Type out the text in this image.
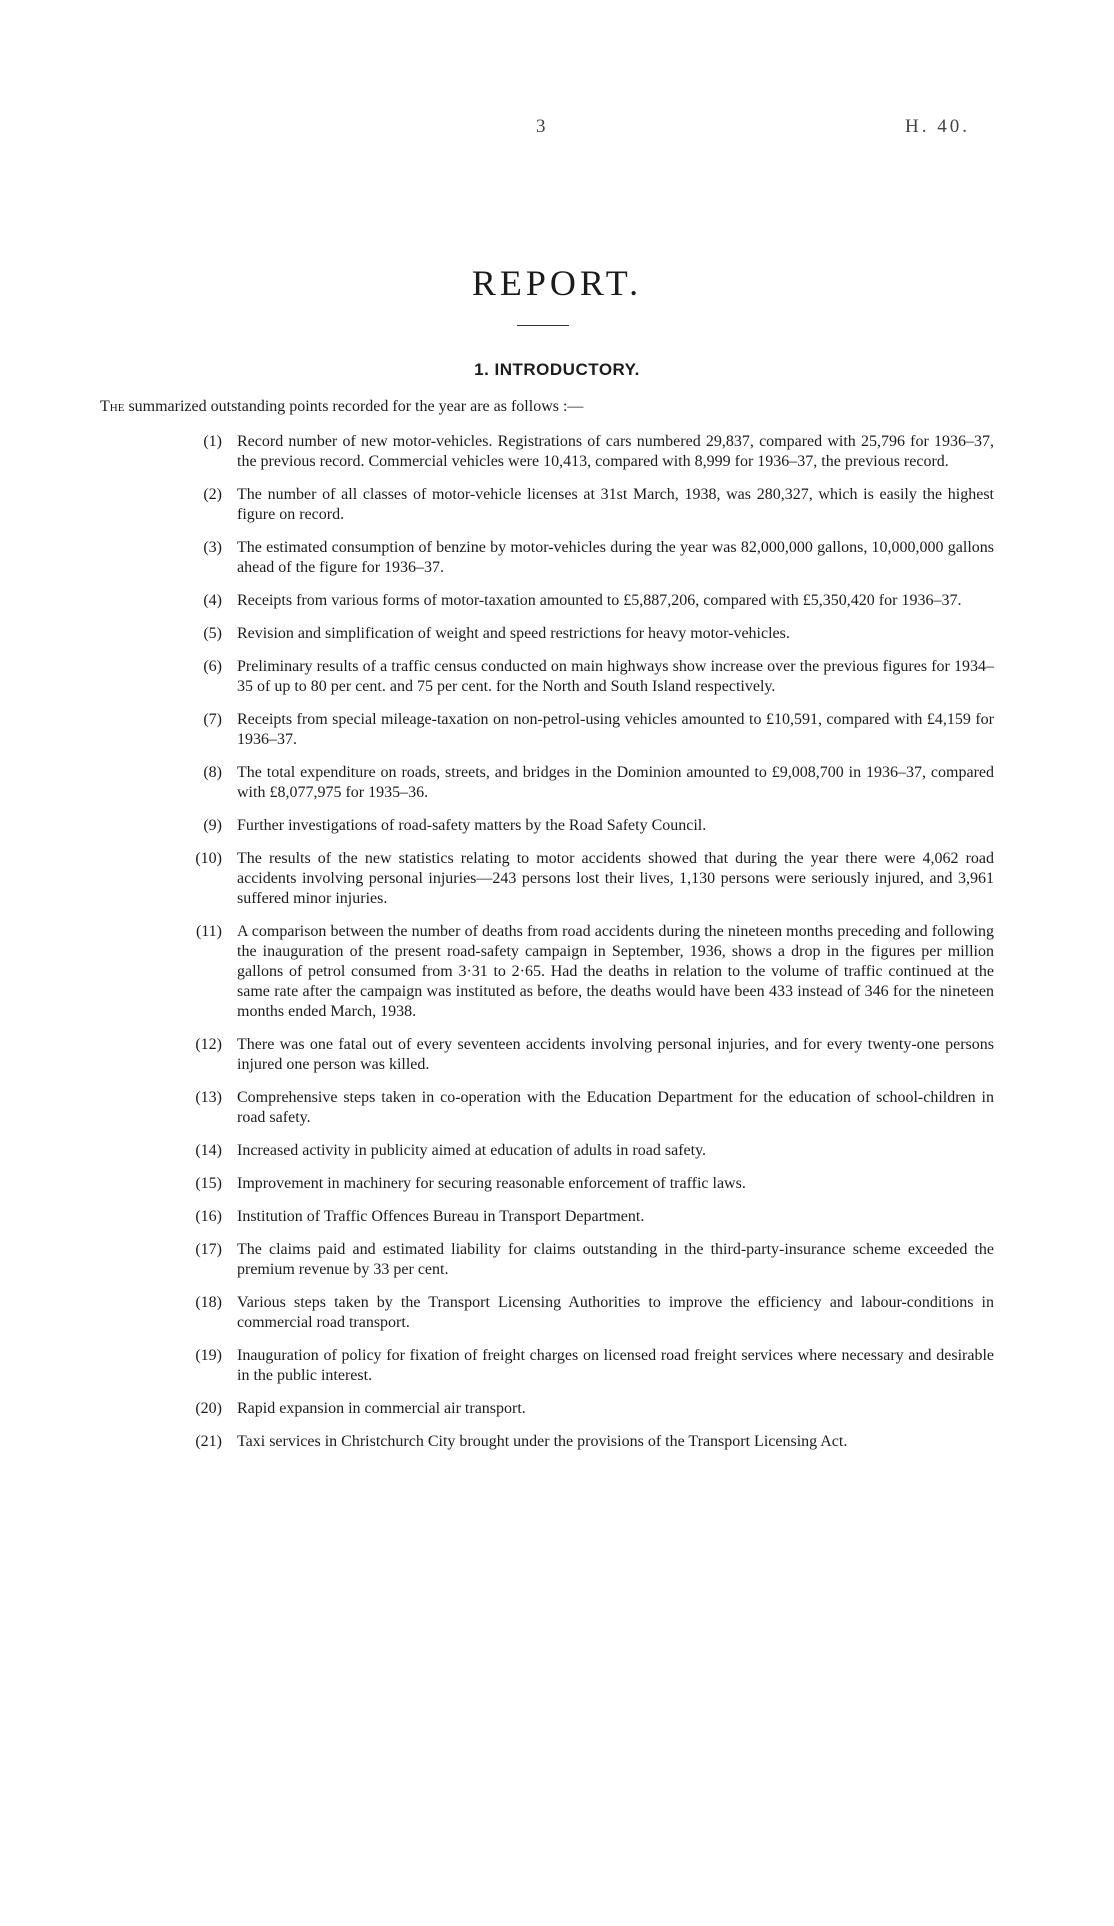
3	H. 40.
REPORT.
1. INTRODUCTORY.

The summarized outstanding points recorded for the year are as follows :—

(1) Record number of new motor-vehicles. Registrations of cars numbered 29,837, compared with 25,796 for 1936–37, the previous record. Commercial vehicles were 10,413, compared with 8,999 for 1936–37, the previous record.
(2) The number of all classes of motor-vehicle licenses at 31st March, 1938, was 280,327, which is easily the highest figure on record.
(3) The estimated consumption of benzine by motor-vehicles during the year was 82,000,000 gallons, 10,000,000 gallons ahead of the figure for 1936–37.
(4) Receipts from various forms of motor-taxation amounted to £5,887,206, compared with £5,350,420 for 1936–37.
(5) Revision and simplification of weight and speed restrictions for heavy motor-vehicles.
(6) Preliminary results of a traffic census conducted on main highways show increase over the previous figures for 1934–35 of up to 80 per cent. and 75 per cent. for the North and South Island respectively.
(7) Receipts from special mileage-taxation on non-petrol-using vehicles amounted to £10,591, compared with £4,159 for 1936–37.
(8) The total expenditure on roads, streets, and bridges in the Dominion amounted to £9,008,700 in 1936–37, compared with £8,077,975 for 1935–36.
(9) Further investigations of road-safety matters by the Road Safety Council.
(10) The results of the new statistics relating to motor accidents showed that during the year there were 4,062 road accidents involving personal injuries—243 persons lost their lives, 1,130 persons were seriously injured, and 3,961 suffered minor injuries.
(11) A comparison between the number of deaths from road accidents during the nineteen months preceding and following the inauguration of the present road-safety campaign in September, 1936, shows a drop in the figures per million gallons of petrol consumed from 3·31 to 2·65. Had the deaths in relation to the volume of traffic continued at the same rate after the campaign was instituted as before, the deaths would have been 433 instead of 346 for the nineteen months ended March, 1938.
(12) There was one fatal out of every seventeen accidents involving personal injuries, and for every twenty-one persons injured one person was killed.
(13) Comprehensive steps taken in co-operation with the Education Department for the education of school-children in road safety.
(14) Increased activity in publicity aimed at education of adults in road safety.
(15) Improvement in machinery for securing reasonable enforcement of traffic laws.
(16) Institution of Traffic Offences Bureau in Transport Department.
(17) The claims paid and estimated liability for claims outstanding in the third-party-insurance scheme exceeded the premium revenue by 33 per cent.
(18) Various steps taken by the Transport Licensing Authorities to improve the efficiency and labour-conditions in commercial road transport.
(19) Inauguration of policy for fixation of freight charges on licensed road freight services where necessary and desirable in the public interest.
(20) Rapid expansion in commercial air transport.
(21) Taxi services in Christchurch City brought under the provisions of the Transport Licensing Act.
